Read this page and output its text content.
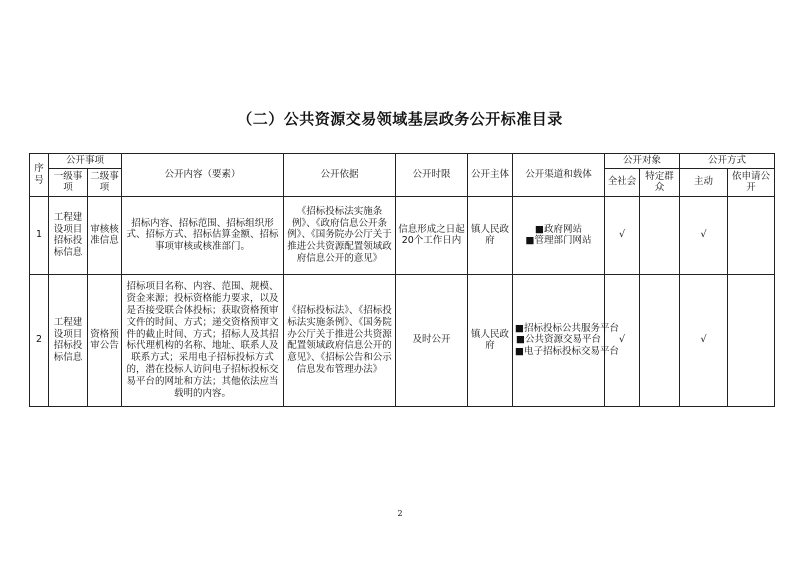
（二）公共资源交易领域基层政务公开标准目录
序号	公开事项		公开内容（要素）	公开依据	公开时限	公开主体	公开渠道和载体	公开对象		公开方式	
	一级事项	二级事项						全社会	特定群众	主动	依申请公开
1	工程建设项目招标投标信息	审核核准信息	招标内容、招标范围、招标组织形式、招标方式、招标估算金额、招标事项审核或核准部门。	《招标投标法实施条例》、《政府信息公开条例》、《国务院办公厅关于推进公共资源配置领域政府信息公开的意见》	信息形成之日起20个工作日内	镇人民政府	■政府网站
■管理部门网站	√		√	
2	工程建设项目招标投标信息	资格预审公告	招标项目名称、内容、范围、规模、资金来源；投标资格能力要求，以及是否接受联合体投标；获取资格预审文件的时间、方式；递交资格预审文件的截止时间、方式；招标人及其招标代理机构的名称、地址、联系人及联系方式；采用电子招标投标方式的，潜在投标人访问电子招标投标交易平台的网址和方法；其他依法应当载明的内容。	《招标投标法》、《招标投标法实施条例》、《国务院办公厅关于推进公共资源配置领域政府信息公开的意见》、《招标公告和公示信息发布管理办法》	及时公开	镇人民政府	■招标投标公共服务平台
■公共资源交易平台
■电子招标投标交易平台	√		√	
2
